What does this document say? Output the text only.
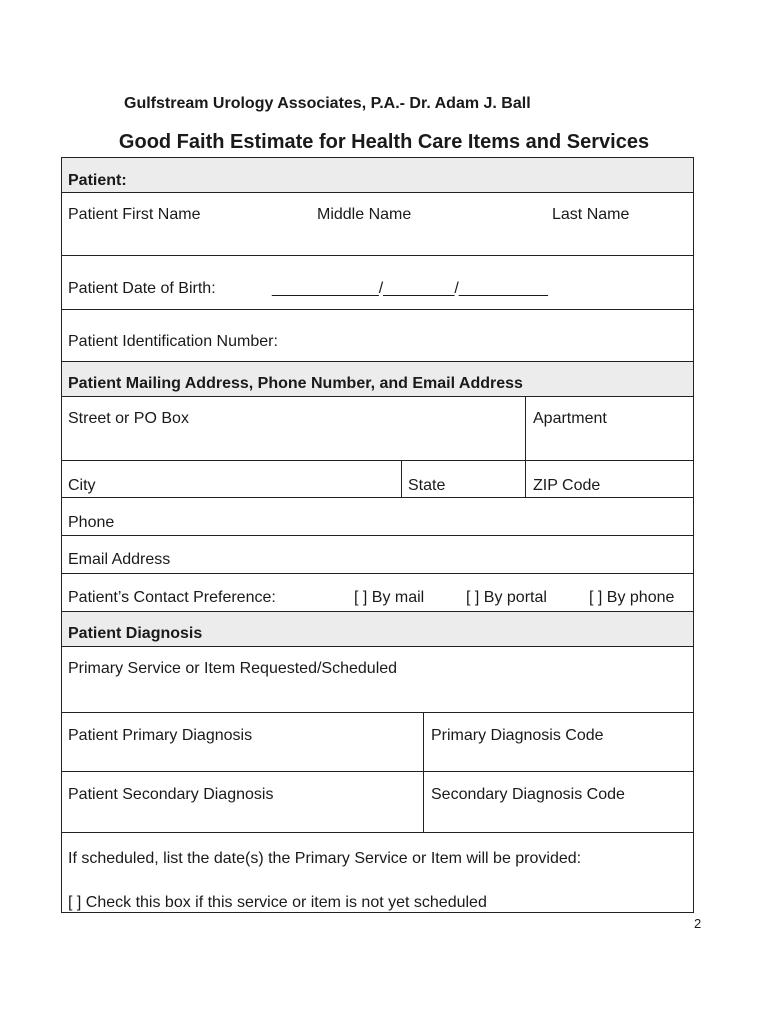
Gulfstream Urology Associates, P.A.- Dr. Adam J. Ball
Good Faith Estimate for Health Care Items and Services
Patient:
Patient First Name	Middle Name	Last Name
Patient Date of Birth:	____________/________/__________
Patient Identification Number:
Patient Mailing Address, Phone Number, and Email Address
Street or PO Box	Apartment
City	State	ZIP Code
Phone
Email Address
Patient’s Contact Preference:	[ ] By mail	[ ] By portal	[ ] By phone
Patient Diagnosis
Primary Service or Item Requested/Scheduled
Patient Primary Diagnosis	Primary Diagnosis Code
Patient Secondary Diagnosis	Secondary Diagnosis Code
If scheduled, list the date(s) the Primary Service or Item will be provided:
[ ] Check this box if this service or item is not yet scheduled
2
